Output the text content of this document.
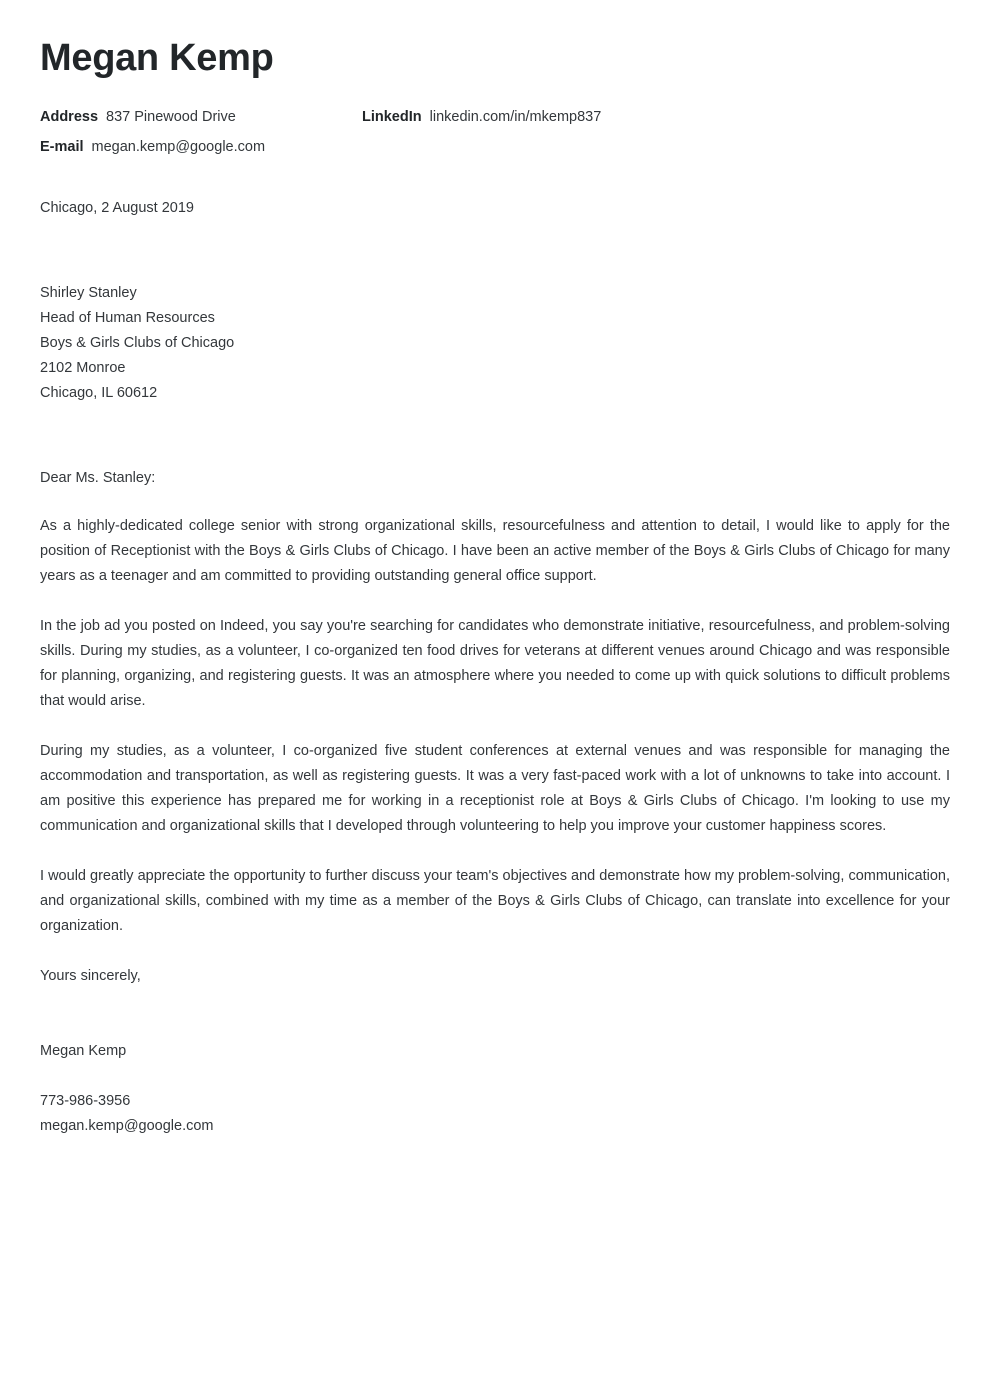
Megan Kemp
Address 837 Pinewood Drive	LinkedIn linkedin.com/in/mkemp837
E-mail megan.kemp@google.com
Chicago, 2 August 2019
Shirley Stanley
Head of Human Resources
Boys & Girls Clubs of Chicago
2102 Monroe
Chicago, IL 60612
Dear Ms. Stanley:

As a highly-dedicated college senior with strong organizational skills, resourcefulness and attention to detail, I would like to apply for the position of Receptionist with the Boys & Girls Clubs of Chicago. I have been an active member of the Boys & Girls Clubs of Chicago for many years as a teenager and am committed to providing outstanding general office support.

In the job ad you posted on Indeed, you say you're searching for candidates who demonstrate initiative, resourcefulness, and problem-solving skills. During my studies, as a volunteer, I co-organized ten food drives for veterans at different venues around Chicago and was responsible for planning, organizing, and registering guests. It was an atmosphere where you needed to come up with quick solutions to difficult problems that would arise.

During my studies, as a volunteer, I co-organized five student conferences at external venues and was responsible for managing the accommodation and transportation, as well as registering guests. It was a very fast-paced work with a lot of unknowns to take into account. I am positive this experience has prepared me for working in a receptionist role at Boys & Girls Clubs of Chicago. I'm looking to use my communication and organizational skills that I developed through volunteering to help you improve your customer happiness scores.

I would greatly appreciate the opportunity to further discuss your team's objectives and demonstrate how my problem-solving, communication, and organizational skills, combined with my time as a member of the Boys & Girls Clubs of Chicago, can translate into excellence for your organization.

Yours sincerely,
Megan Kemp
773-986-3956
megan.kemp@google.com
